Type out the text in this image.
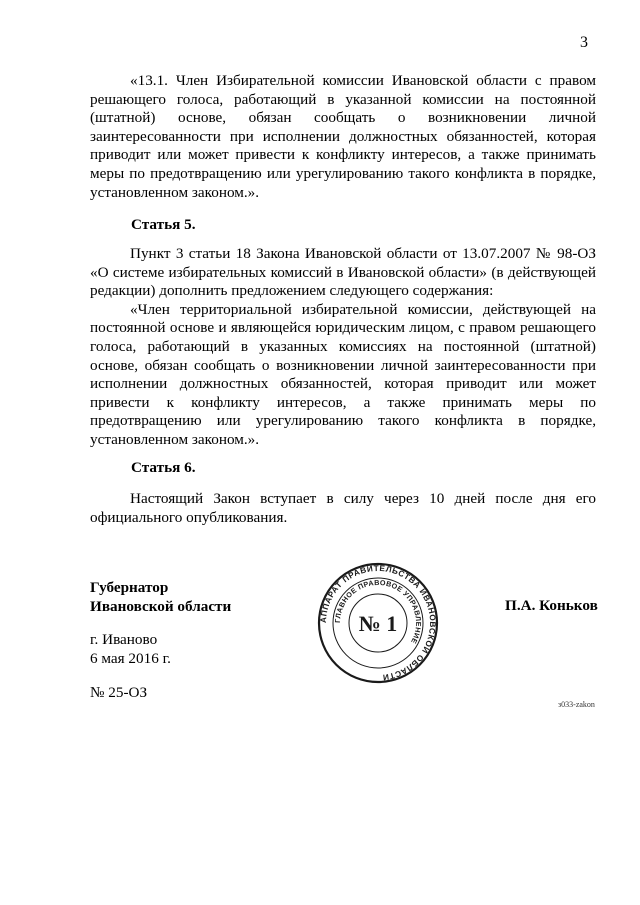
3

«13.1. Член Избирательной комиссии Ивановской области с правом решающего голоса, работающий в указанной комиссии на постоянной (штатной) основе, обязан сообщать о возникновении личной заинтересованности при исполнении должностных обязанностей, которая приводит или может привести к конфликту интересов, а также принимать меры по предотвращению или урегулированию такого конфликта в порядке, установленном законом.».

Статья 5.

Пункт 3 статьи 18 Закона Ивановской области от 13.07.2007 № 98-ОЗ «О системе избирательных комиссий в Ивановской области» (в действующей редакции) дополнить предложением следующего содержания:

«Член территориальной избирательной комиссии, действующей на постоянной основе и являющейся юридическим лицом, с правом решающего голоса, работающий в указанных комиссиях на постоянной (штатной) основе, обязан сообщать о возникновении личной заинтересованности при исполнении должностных обязанностей, которая приводит или может привести к конфликту интересов, а также принимать меры по предотвращению или урегулированию такого конфликта в порядке, установленном законом.».

Статья 6.

Настоящий Закон вступает в силу через 10 дней после дня его официального опубликования.

Губернатор
Ивановской области
АППАРАТ ПРАВИТЕЛЬСТВА ИВАНОВСКОЙ ОБЛАСТИ
ГЛАВНОЕ ПРАВОВОЕ УПРАВЛЕНИЕ
№ 1
П.А. Коньков
г. Иваново
6 мая 2016 г.
№ 25-ОЗ
з033-zakon
